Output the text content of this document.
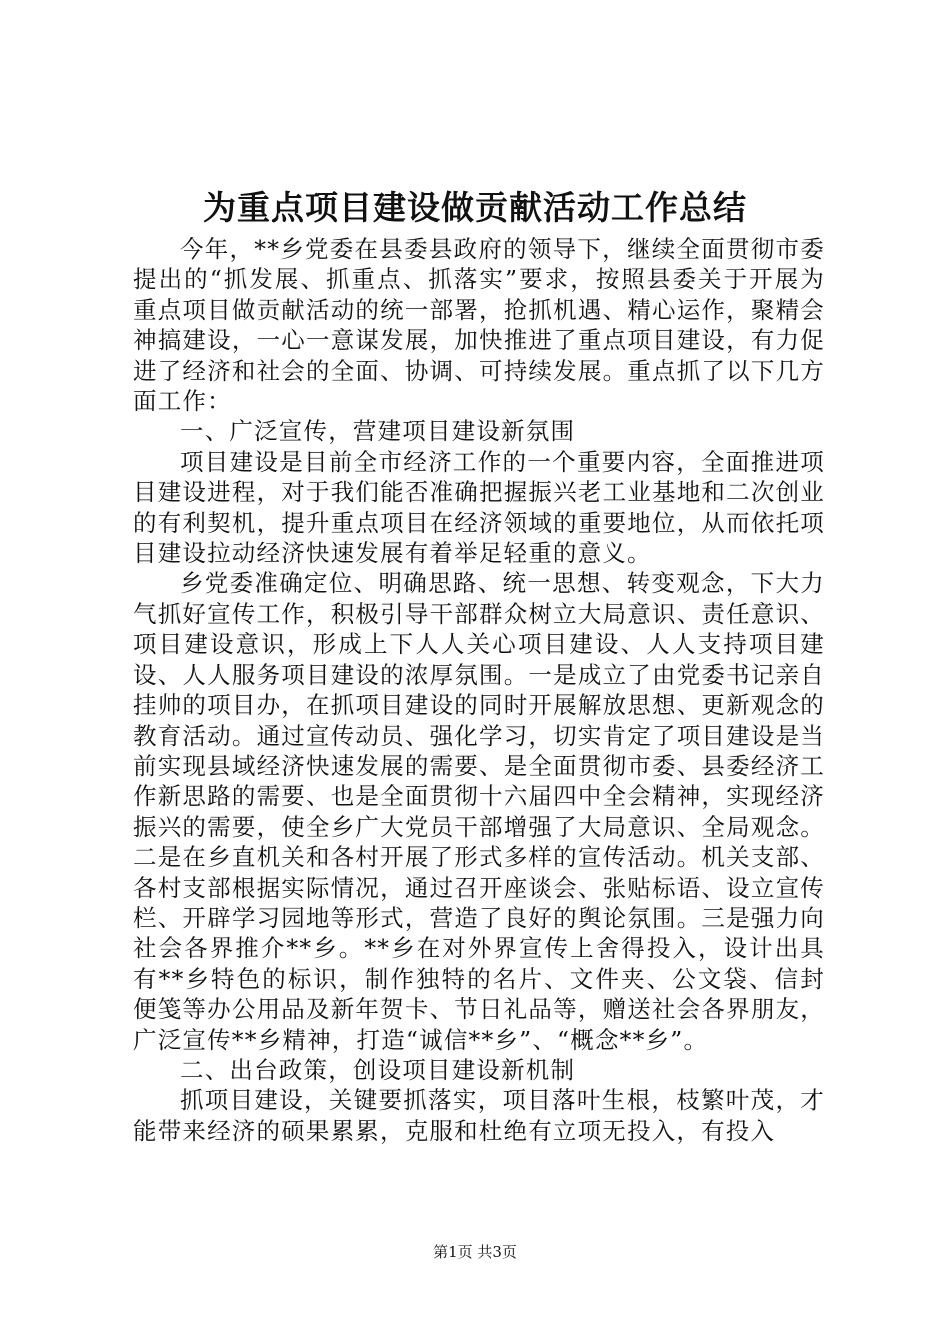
为重点项目建设做贡献活动工作总结

今年，**乡党委在县委县政府的领导下，继续全面贯彻市委提出的“抓发展、抓重点、抓落实”要求，按照县委关于开展为重点项目做贡献活动的统一部署，抢抓机遇、精心运作，聚精会神搞建设，一心一意谋发展，加快推进了重点项目建设，有力促进了经济和社会的全面、协调、可持续发展。重点抓了以下几方面工作：

一、广泛宣传，营建项目建设新氛围

项目建设是目前全市经济工作的一个重要内容，全面推进项目建设进程，对于我们能否准确把握振兴老工业基地和二次创业的有利契机，提升重点项目在经济领域的重要地位，从而依托项目建设拉动经济快速发展有着举足轻重的意义。

乡党委准确定位、明确思路、统一思想、转变观念，下大力气抓好宣传工作，积极引导干部群众树立大局意识、责任意识、项目建设意识，形成上下人人关心项目建设、人人支持项目建设、人人服务项目建设的浓厚氛围。一是成立了由党委书记亲自挂帅的项目办，在抓项目建设的同时开展解放思想、更新观念的教育活动。通过宣传动员、强化学习，切实肯定了项目建设是当前实现县域经济快速发展的需要、是全面贯彻市委、县委经济工作新思路的需要、也是全面贯彻十六届四中全会精神，实现经济振兴的需要，使全乡广大党员干部增强了大局意识、全局观念。二是在乡直机关和各村开展了形式多样的宣传活动。机关支部、各村支部根据实际情况，通过召开座谈会、张贴标语、设立宣传栏、开辟学习园地等形式，营造了良好的舆论氛围。三是强力向社会各界推介**乡。**乡在对外界宣传上舍得投入，设计出具有**乡特色的标识，制作独特的名片、文件夹、公文袋、信封便笺等办公用品及新年贺卡、节日礼品等，赠送社会各界朋友，广泛宣传**乡精神，打造“诚信**乡”、“概念**乡”。

二、出台政策，创设项目建设新机制

抓项目建设，关键要抓落实，项目落叶生根，枝繁叶茂，才能带来经济的硕果累累，克服和杜绝有立项无投入，有投入

第1页 共3页
